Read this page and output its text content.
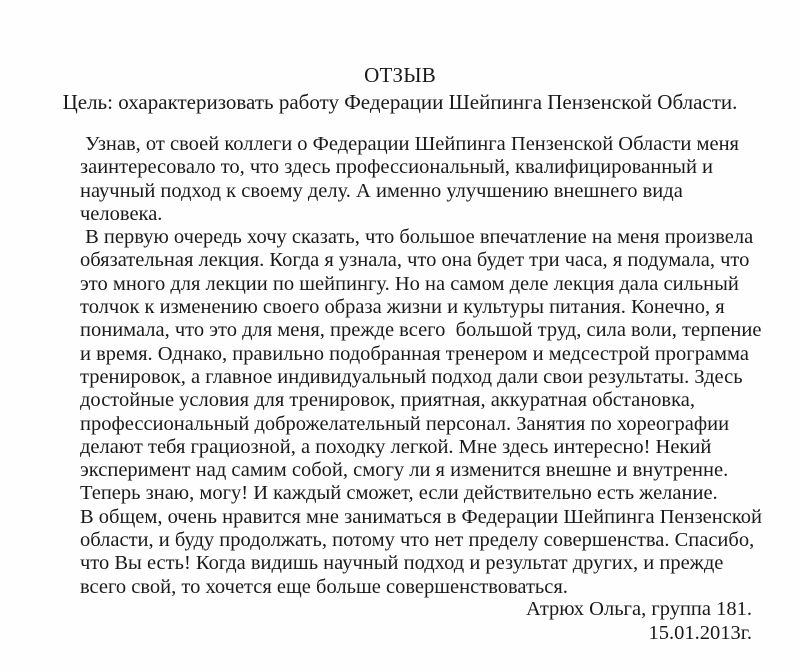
ОТЗЫВ
Цель: охарактеризовать работу Федерации Шейпинга Пензенской Области.
Узнав, от своей коллеги о Федерации Шейпинга Пензенской Области меня
заинтересовало то, что здесь профессиональный, квалифицированный и
научный подход к своему делу. А именно улучшению внешнего вида
человека.
В первую очередь хочу сказать, что большое впечатление на меня произвела
обязательная лекция. Когда я узнала, что она будет три часа, я подумала, что
это много для лекции по шейпингу. Но на самом деле лекция дала сильный
толчок к изменению своего образа жизни и культуры питания. Конечно, я
понимала, что это для меня, прежде всего  большой труд, сила воли, терпение
и время. Однако, правильно подобранная тренером и медсестрой программа
тренировок, а главное индивидуальный подход дали свои результаты. Здесь
достойные условия для тренировок, приятная, аккуратная обстановка,
профессиональный доброжелательный персонал. Занятия по хореографии
делают тебя грациозной, а походку легкой. Мне здесь интересно! Некий
эксперимент над самим собой, смогу ли я изменится внешне и внутренне.
Теперь знаю, могу! И каждый сможет, если действительно есть желание.
В общем, очень нравится мне заниматься в Федерации Шейпинга Пензенской
области, и буду продолжать, потому что нет пределу совершенства. Спасибо,
что Вы есть! Когда видишь научный подход и результат других, и прежде
всего свой, то хочется еще больше совершенствоваться.
Атрюх Ольга, группа 181.
15.01.2013г.
